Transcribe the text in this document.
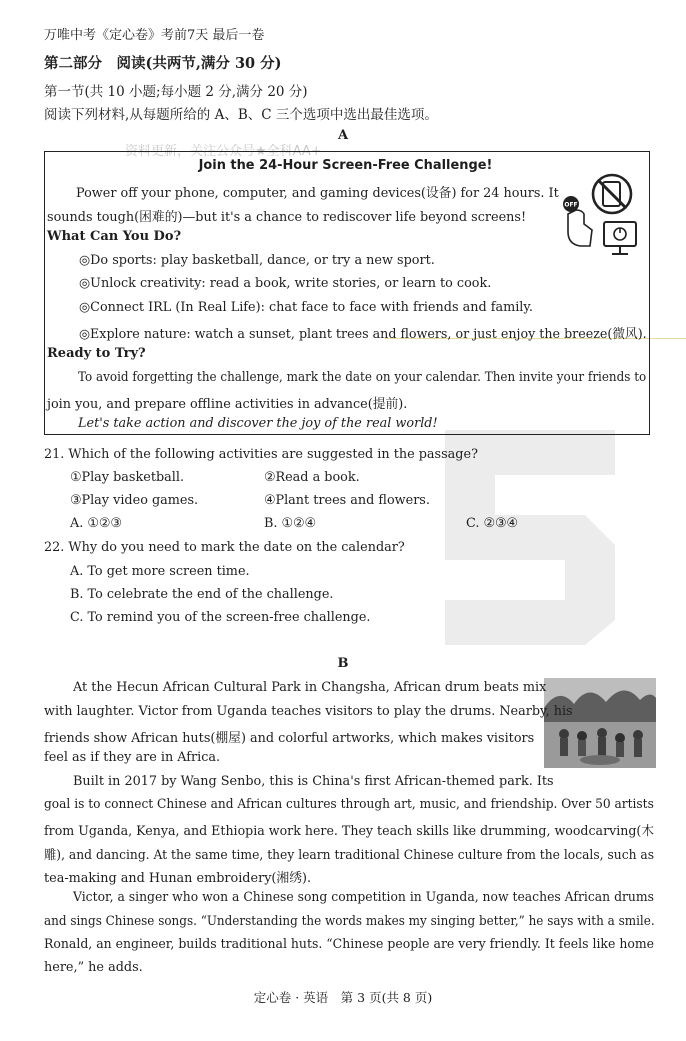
万唯中考《定心卷》考前7天 最后一卷
第二部分　阅读(共两节,满分 30 分)
第一节(共 10 小题;每小题 2 分,满分 20 分)
阅读下列材料,从每题所给的 A、B、C 三个选项中选出最佳选项。
A
资料更新，关注公众号★全科AA+
Join the 24-Hour Screen-Free Challenge!
Power off your phone, computer, and gaming devices(设备) for 24 hours. It
sounds tough(困难的)—but it's a chance to rediscover life beyond screens!
What Can You Do?
◎Do sports: play basketball, dance, or try a new sport.
◎Unlock creativity: read a book, write stories, or learn to cook.
◎Connect IRL (In Real Life): chat face to face with friends and family.
◎Explore nature: watch a sunset, plant trees and flowers, or just enjoy the breeze(微风).
Ready to Try?
To avoid forgetting the challenge, mark the date on your calendar. Then invite your friends to
join you, and prepare offline activities in advance(提前).
Let's take action and discover the joy of the real world!
OFF
21. Which of the following activities are suggested in the passage?
①Play basketball.	②Read a book.
③Play video games.	④Plant trees and flowers.
A. ①②③	B. ①②④	C. ②③④
22. Why do you need to mark the date on the calendar?
A. To get more screen time.
B. To celebrate the end of the challenge.
C. To remind you of the screen-free challenge.
B
At the Hecun African Cultural Park in Changsha, African drum beats mix
with laughter. Victor from Uganda teaches visitors to play the drums. Nearby, his
friends show African huts(棚屋) and colorful artworks, which makes visitors
feel as if they are in Africa.
Built in 2017 by Wang Senbo, this is China's first African-themed park. Its
goal is to connect Chinese and African cultures through art, music, and friendship. Over 50 artists
from Uganda, Kenya, and Ethiopia work here. They teach skills like drumming, woodcarving(木
雕), and dancing. At the same time, they learn traditional Chinese culture from the locals, such as
tea-making and Hunan embroidery(湘绣).
Victor, a singer who won a Chinese song competition in Uganda, now teaches African drums
and sings Chinese songs. “Understanding the words makes my singing better,” he says with a smile.
Ronald, an engineer, builds traditional huts. “Chinese people are very friendly. It feels like home
here,” he adds.
定心卷 · 英语　第 3 页(共 8 页)
